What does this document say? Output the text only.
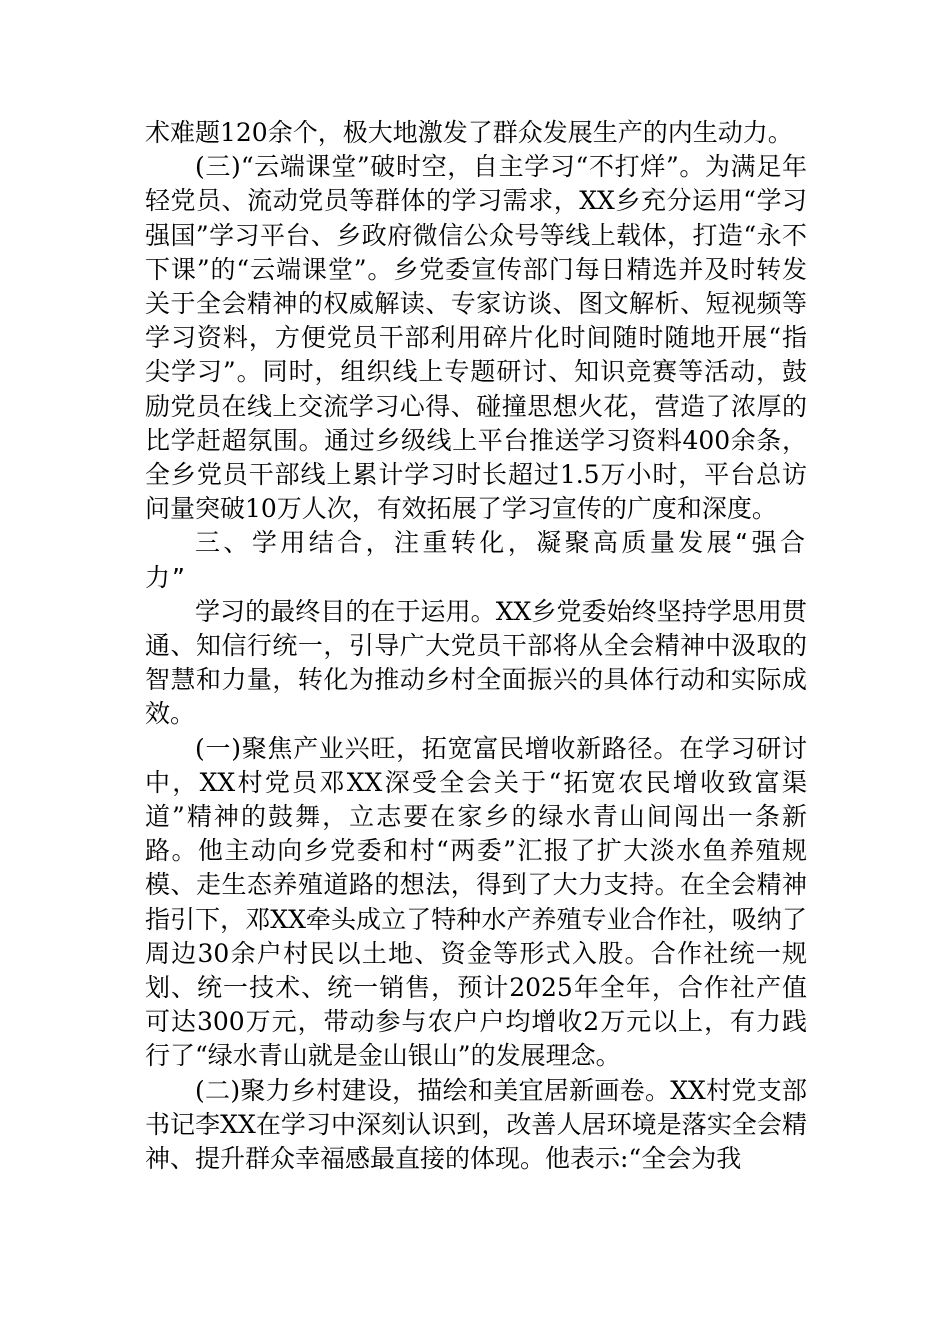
术难题120余个，极大地激发了群众发展生产的内生动力。

(三)“云端课堂”破时空，自主学习“不打烊”。为满足年轻党员、流动党员等群体的学习需求，XX乡充分运用“学习强国”学习平台、乡政府微信公众号等线上载体，打造“永不下课”的“云端课堂”。乡党委宣传部门每日精选并及时转发关于全会精神的权威解读、专家访谈、图文解析、短视频等学习资料，方便党员干部利用碎片化时间随时随地开展“指尖学习”。同时，组织线上专题研讨、知识竞赛等活动，鼓励党员在线上交流学习心得、碰撞思想火花，营造了浓厚的比学赶超氛围。通过乡级线上平台推送学习资料400余条，全乡党员干部线上累计学习时长超过1.5万小时，平台总访问量突破10万人次，有效拓展了学习宣传的广度和深度。

三、学用结合，注重转化，凝聚高质量发展“强合力”

学习的最终目的在于运用。XX乡党委始终坚持学思用贯通、知信行统一，引导广大党员干部将从全会精神中汲取的智慧和力量，转化为推动乡村全面振兴的具体行动和实际成效。

(一)聚焦产业兴旺，拓宽富民增收新路径。在学习研讨中，XX村党员邓XX深受全会关于“拓宽农民增收致富渠道”精神的鼓舞，立志要在家乡的绿水青山间闯出一条新路。他主动向乡党委和村“两委”汇报了扩大淡水鱼养殖规模、走生态养殖道路的想法，得到了大力支持。在全会精神指引下，邓XX牵头成立了特种水产养殖专业合作社，吸纳了周边30余户村民以土地、资金等形式入股。合作社统一规划、统一技术、统一销售，预计2025年全年，合作社产值可达300万元，带动参与农户户均增收2万元以上，有力践行了“绿水青山就是金山银山”的发展理念。

(二)聚力乡村建设，描绘和美宜居新画卷。XX村党支部书记李XX在学习中深刻认识到，改善人居环境是落实全会精神、提升群众幸福感最直接的体现。他表示:“全会为我
